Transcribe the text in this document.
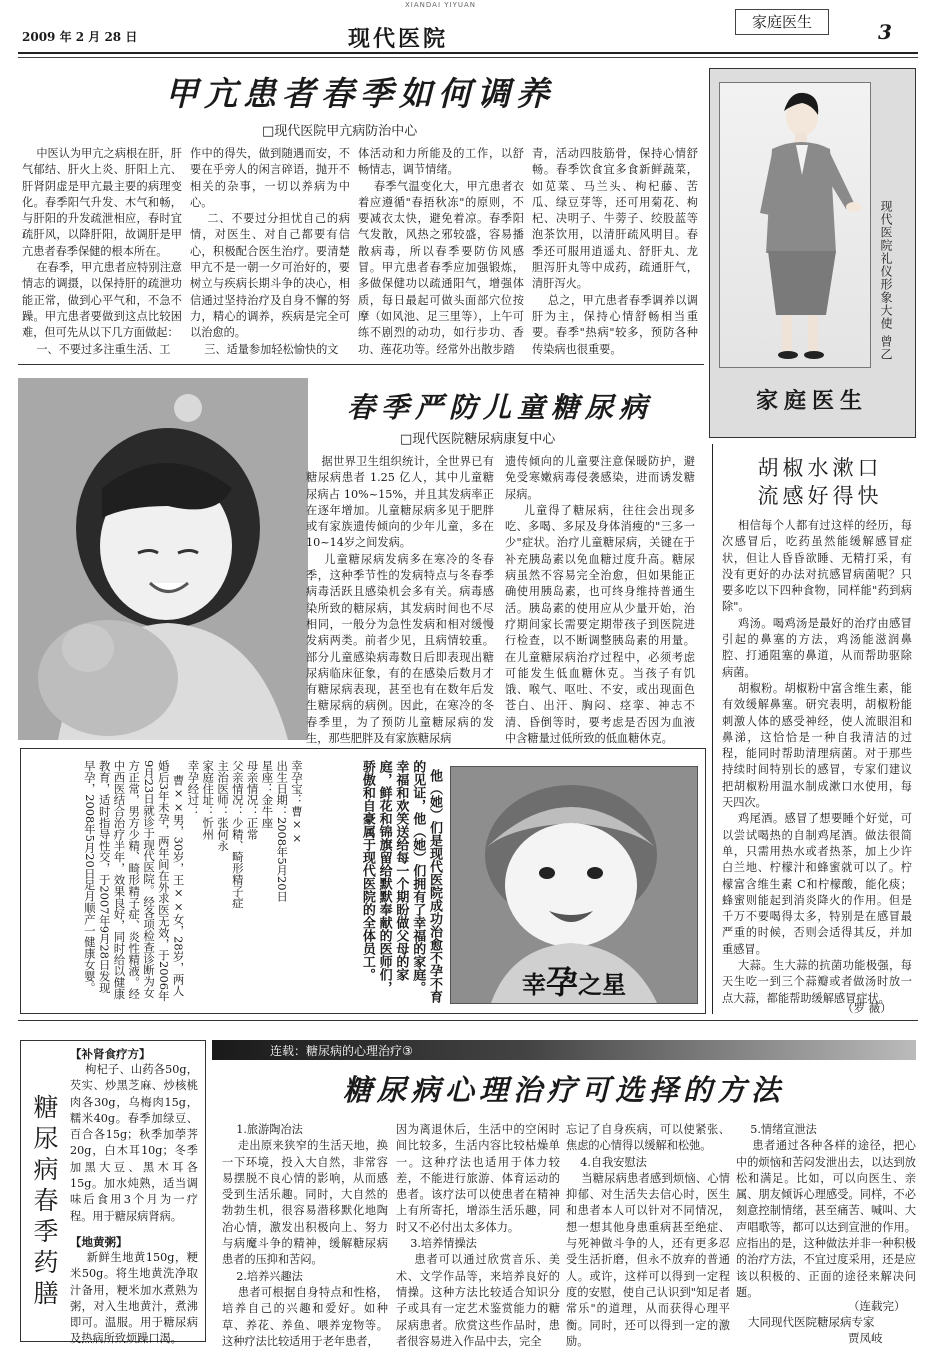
XIANDAI YIYUAN
2009 年 2 月 28 日	现代医院
家庭医生	3
甲亢患者春季如何调养
□现代医院甲亢病防治中心
中医认为甲亢之病根在肝，肝气郁结、肝火上炎、肝阳上亢、肝肾阴虚是甲亢最主要的病理变化。春季阳气升发、木气和畅，与肝阳的升发疏泄相应，春时宜疏肝风，以降肝阳，故调肝是甲亢患者春季保健的根本所在。
在春季，甲亢患者应特别注意情志的调摄，以保持肝的疏泄功能正常，做到心平气和，不急不躁。甲亢患者要做到这点比较困难，但可先从以下几方面做起：
一、不要过多注重生活、工
作中的得失，做到随遇而安，不要在乎旁人的闲言碎语，抛开不相关的杂事，一切以养病为中心。
二、不要过分担忧自己的病情，对医生、对自己都要有信心，积极配合医生治疗。要清楚甲亢不是一朝一夕可治好的，要树立与疾病长期斗争的决心，相信通过坚持治疗及自身不懈的努力，精心的调养，疾病是完全可以治愈的。
三、适量参加轻松愉快的文
体活动和力所能及的工作，以舒畅情志，调节情绪。
春季气温变化大，甲亢患者衣着应遵循"春捂秋冻"的原则，不要减衣太快，避免着凉。春季阳气发散，风热之邪较盛，容易播散病毒，所以春季要防仿风感冒。甲亢患者春季应加强锻炼，多做保健功以疏通阳气，增强体质，每日最起可做头面部穴位按摩（如风池、足三里等），上午可练不剧烈的动功，如行步功、香功、莲花功等。经常外出散步踏
青，活动四肢筋骨，保持心情舒畅。春季饮食宜多食新鲜蔬菜，如苋菜、马兰头、枸杞藤、苦瓜、绿豆芽等，还可用菊花、枸杞、决明子、牛蒡子、绞股蓝等泡茶饮用，以清肝疏风明目。春季还可服用逍遥丸、舒肝丸、龙胆泻肝丸等中成药，疏通肝气，清肝泻火。
总之，甲亢患者春季调养以调肝为主，保持心情舒畅相当重要。春季"热病"较多，预防各种传染病也很重要。	现代医院礼仪形象大使 曾乙
家庭医生
春季严防儿童糖尿病
□现代医院糖尿病康复中心
据世界卫生组织统计，全世界已有糖尿病患者 1.25 亿人，其中儿童糖尿病占 10%~15%，并且其发病率正在逐年增加。儿童糖尿病多见于肥胖或有家族遗传倾向的少年儿童，多在10~14岁之间发病。
儿童糖尿病发病多在寒冷的冬春季，这种季节性的发病特点与冬春季病毒活跃且感染机会多有关。病毒感染所致的糖尿病，其发病时间也不尽相同，一般分为急性发病和相对缓慢发病两类。前者少见，且病情较重。部分儿童感染病毒数日后即表现出糖尿病临床征象，有的在感染后数月才有糖尿病表现，甚至也有在数年后发生糖尿病的病例。因此，在寒冷的冬春季里，为了预防儿童糖尿病的发生，那些肥胖及有家族糖尿病
遗传倾向的儿童要注意保暖防护，避免受寒嫩病毒侵袭感染，进而诱发糖尿病。
儿童得了糖尿病，往往会出现多吃、多喝、多尿及身体消瘦的"三多一少"症状。治疗儿童糖尿病，关键在于补充胰岛素以免血糖过度升高。糖尿病虽然不容易完全治愈，但如果能正确使用胰岛素，也可终身维持普通生活。胰岛素的使用应从少量开始，治疗期间家长需要定期带孩子到医院进行检查，以不断调整胰岛素的用量。在儿童糖尿病治疗过程中，必须考虑可能发生低血糖休克。当孩子有饥饿、喉气、呕吐、不安，或出现面色苍白、出汗、胸闷、痉挛、神志不清、昏倒等时，要考虑是否因为血液中含糖量过低所致的低血糖休克。
胡椒水漱口
流感好得快
相信每个人都有过这样的经历，每次感冒后，吃药虽然能缓解感冒症状，但让人昏昏欲睡、无精打采，有没有更好的办法对抗感冒病菌呢？只要多吃以下四种食物，同样能"药到病除"。
鸡汤。喝鸡汤是最好的治疗由感冒引起的鼻塞的方法，鸡汤能滋润鼻腔、打通阻塞的鼻道，从而帮助驱除病菌。
胡椒粉。胡椒粉中富含维生素，能有效缓解鼻塞。研究表明，胡椒粉能刺激人体的感受神经，使人流眼泪和鼻涕，这恰恰是一种自我清洁的过程，能同时帮助清理病菌。对于那些持续时间特别长的感冒，专家们建议把胡椒粉用温水制成漱口水使用，每天四次。
鸡尾酒。感冒了想要睡个好觉，可以尝试喝热的自制鸡尾酒。做法很简单，只需用热水或者热茶，加上少许白兰地、柠檬汁和蜂蜜就可以了。柠檬富含维生素 C和柠檬酸，能化痰；蜂蜜则能起到消炎降火的作用。但是千万不要喝得太多，特别是在感冒最严重的时候，否则会适得其反，并加重感冒。
大蒜。生大蒜的抗菌功能极强，每天生吃一到三个蒜瓣或者做汤时放一点大蒜，都能帮助缓解感冒症状。
（罗 薇）
他（她）们是现代医院成功治愈不孕不育的见证，他（她）们拥有了幸福的家庭。幸福和欢笑送给每一个期盼做父母的家庭，鲜花和锦旗留给默默奉献的医师们，骄傲和自豪属于现代医院的全体员工。
幸孕宝：曹××
出生日期：2008年5月20日
星座：金牛座
母亲情况：正常
父亲情况：少精、畸形精子症
主治医师：张何永
家庭住址：忻州
幸孕经过：
曹××男，30岁，王××女，28岁，两人婚后3年未孕，两年间在外求医无效，于2006年9月23日就诊于现代医院。经各项检查诊断为女方正常，男方少精、畸形精子症、炎性精液。经中西医结合治疗半年，效果良好，同时给以健康教育，适时指导性交，于2007年9月28日发现早孕，2008年5月20日足月顺产一健康女婴。	幸孕之星
糖尿病春季药膳
【补肾食疗方】
枸杞子、山药各50g，芡实、炒黑芝麻、炒核桃肉各30g，乌梅肉15g，糯米40g。春季加绿豆、百合各15g；秋季加荸荠20g，白木耳10g；冬季加黑大豆、黑木耳各15g。加水炖熟，适当调味后食用3个月为一疗程。用于糖尿病肾病。
【地黄粥】
新鲜生地黄150g，粳米50g。将生地黄洗净取汁备用，粳米加水煮熟为粥，对入生地黄汁，煮沸即可。温服。用于糖尿病及热病所致烦躁口渴。
连载：糖尿病的心理治疗③
糖尿病心理治疗可选择的方法
1.旅游陶冶法
走出原来狭窄的生活天地，换一下环境，投入大自然，非常容易摆脱不良心情的影响，从而感受到生活乐趣。同时，大自然的勃勃生机，很容易潜移默化地陶冶心情，激发出积极向上、努力与病魔斗争的精神，缓解糖尿病患者的压抑和苦闷。
2.培养兴趣法
患者可根据自身特点和性格，培养自己的兴趣和爱好。如种草、养花、养鱼、喂养宠物等。这种疗法比较适用于老年患者，
因为离退休后，生活中的空闲时间比较多，生活内容比较枯燥单一。这种疗法也适用于体力较差，不能进行旅游、体育运动的患者。该疗法可以使患者在精神上有所寄托，增添生活乐趣，同时又不必付出太多体力。
3.培养情操法
患者可以通过欣赏音乐、美术、文学作品等，来培养良好的情操。这种方法比较适合知识分子或具有一定艺术鉴赏能力的糖尿病患者。欣赏这些作品时，患者很容易进入作品中去，完全
忘记了自身疾病，可以使紧张、焦虑的心情得以缓解和松弛。
4.自我安慰法
当糖尿病患者感到烦恼、心情抑郁、对生活失去信心时，医生和患者本人可以针对不同情况，想一想其他身患重病甚至绝症、与死神做斗争的人，还有更多忍受生活折磨，但永不放弃的普通人。或许，这样可以得到一定程度的安慰，使自己认识到"知足者常乐"的道理，从而获得心理平衡。同时，还可以得到一定的激励。
5.情绪宣泄法
患者通过各种各样的途径，把心中的烦恼和苦闷发泄出去，以达到放松和满足。比如，可以向医生、亲属、朋友倾诉心理感受。同样，不必刻意控制情绪，甚至痛苦、喊叫、大声唱歌等，都可以达到宣泄的作用。应指出的是，这种做法并非一种积极的治疗方法，不宜过度采用，还是应该以积极的、正面的途径来解决问题。
（连载完）
大同现代医院糖尿病专家
贾凤岐
